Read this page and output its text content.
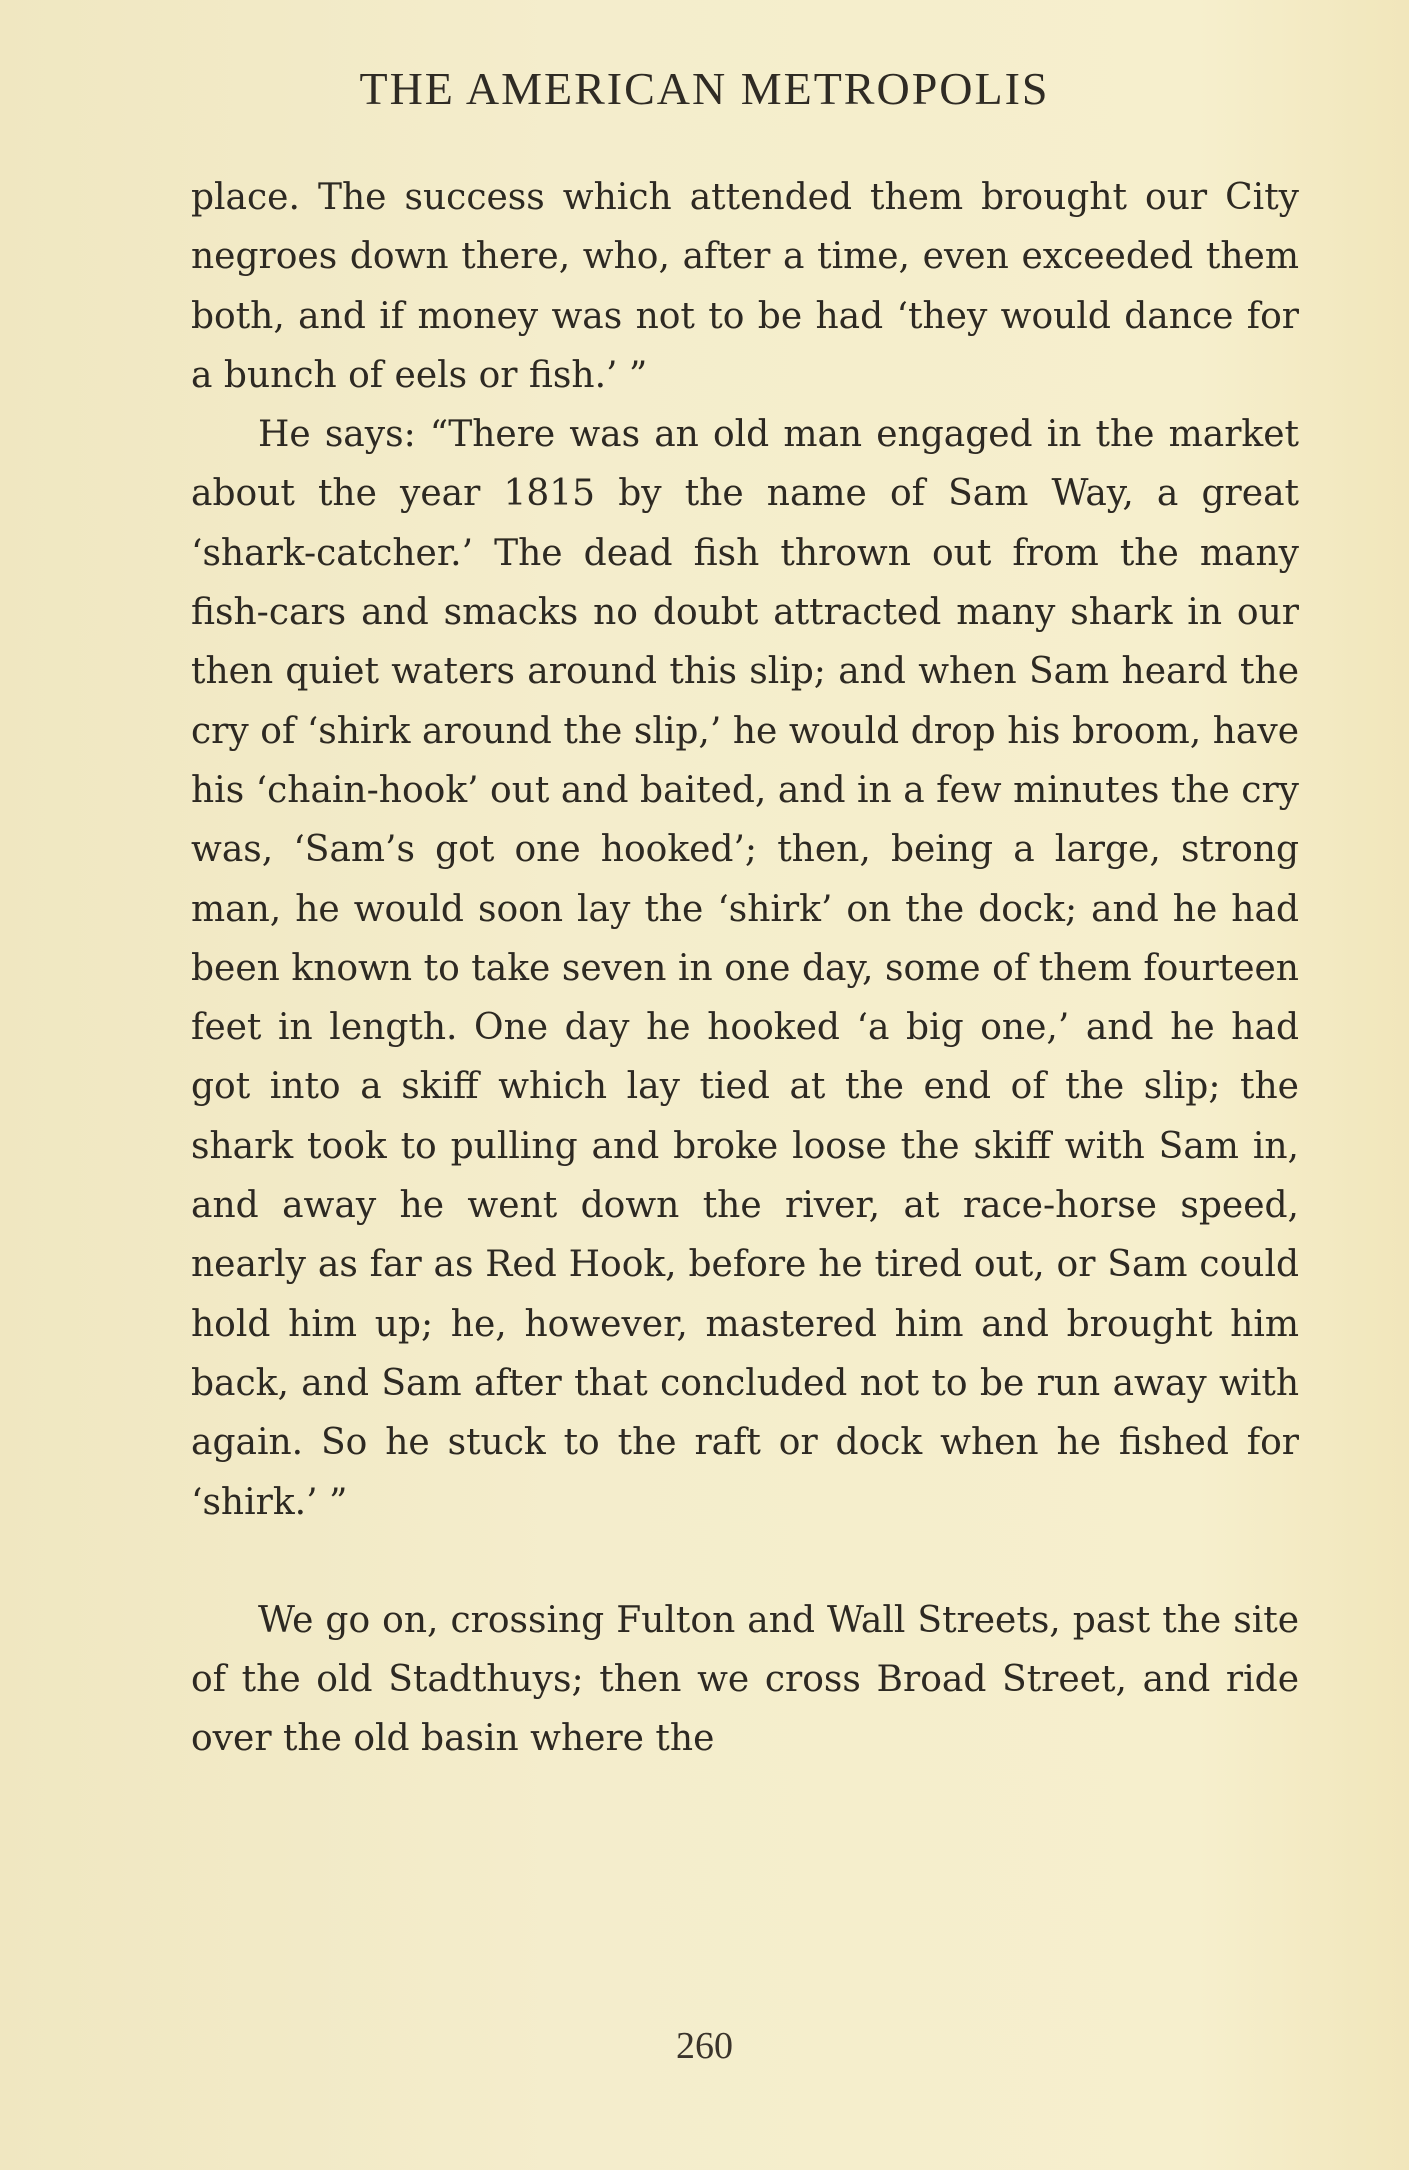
THE AMERICAN METROPOLIS

place. The success which attended them brought our City negroes down there, who, after a time, even exceeded them both, and if money was not to be had ‘they would dance for a bunch of eels or fish.’ ”

He says: “There was an old man engaged in the market about the year 1815 by the name of Sam Way, a great ‘shark-catcher.’ The dead fish thrown out from the many fish-cars and smacks no doubt attracted many shark in our then quiet waters around this slip; and when Sam heard the cry of ‘shirk around the slip,’ he would drop his broom, have his ‘chain-hook’ out and baited, and in a few minutes the cry was, ‘Sam’s got one hooked’; then, being a large, strong man, he would soon lay the ‘shirk’ on the dock; and he had been known to take seven in one day, some of them fourteen feet in length. One day he hooked ‘a big one,’ and he had got into a skiff which lay tied at the end of the slip; the shark took to pulling and broke loose the skiff with Sam in, and away he went down the river, at race-horse speed, nearly as far as Red Hook, before he tired out, or Sam could hold him up; he, however, mastered him and brought him back, and Sam after that concluded not to be run away with again. So he stuck to the raft or dock when he fished for ‘shirk.’ ”

We go on, crossing Fulton and Wall Streets, past the site of the old Stadthuys; then we cross Broad Street, and ride over the old basin where the

260
